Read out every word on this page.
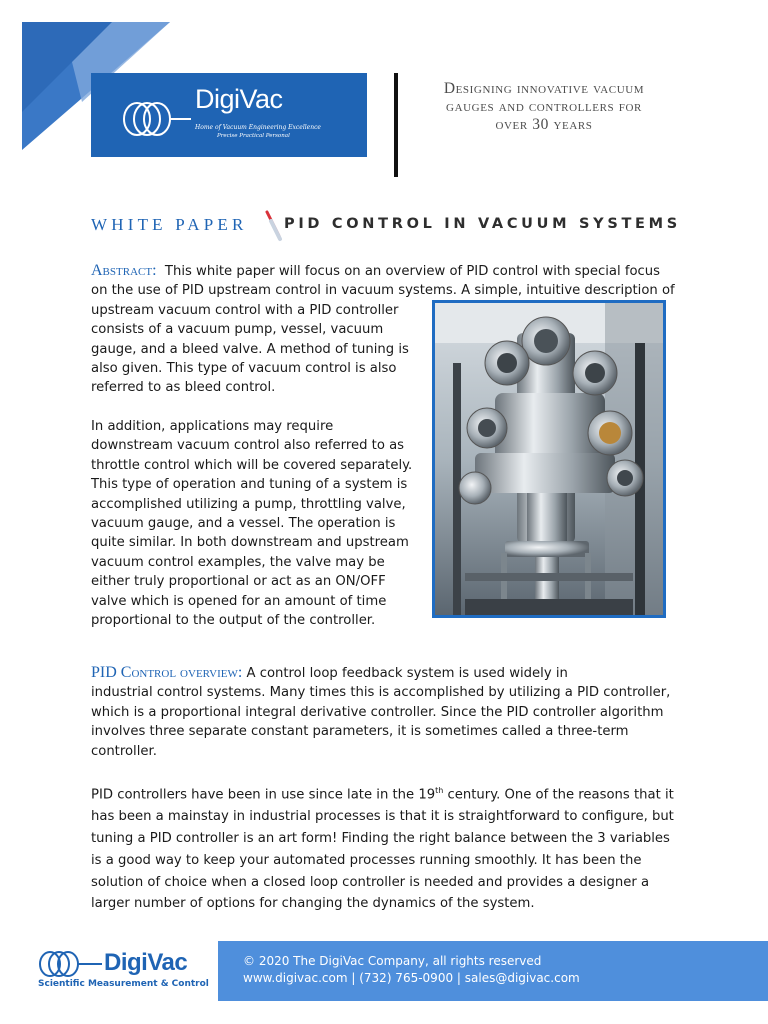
DigiVac
Home of Vacuum Engineering Excellence
Precise Practical Personal
Designing innovative vacuum
gauges and controllers for
over 30 years
WHITE PAPER	PID CONTROL IN VACUUM SYSTEMS
Abstract: This white paper will focus on an overview of PID control with special focus
on the use of PID upstream control in vacuum systems. A simple, intuitive description of
upstream vacuum control with a PID controller
consists of a vacuum pump, vessel, vacuum
gauge, and a bleed valve. A method of tuning is
also given. This type of vacuum control is also
referred to as bleed control.
In addition, applications may require
downstream vacuum control also referred to as
throttle control which will be covered separately.
This type of operation and tuning of a system is
accomplished utilizing a pump, throttling valve,
vacuum gauge, and a vessel. The operation is
quite similar. In both downstream and upstream
vacuum control examples, the valve may be
either truly proportional or act as an ON/OFF
valve which is opened for an amount of time
proportional to the output of the controller.
PID Control overview: A control loop feedback system is used widely in
industrial control systems. Many times this is accomplished by utilizing a PID controller,
which is a proportional integral derivative controller. Since the PID controller algorithm
involves three separate constant parameters, it is sometimes called a three-term
controller.
PID controllers have been in use since late in the 19th century. One of the reasons that it
has been a mainstay in industrial processes is that it is straightforward to configure, but
tuning a PID controller is an art form! Finding the right balance between the 3 variables
is a good way to keep your automated processes running smoothly. It has been the
solution of choice when a closed loop controller is needed and provides a designer a
larger number of options for changing the dynamics of the system.
DigiVac
Scientific Measurement & Control
© 2020 The DigiVac Company, all rights reserved
www.digivac.com | (732) 765-0900 | sales@digivac.com
